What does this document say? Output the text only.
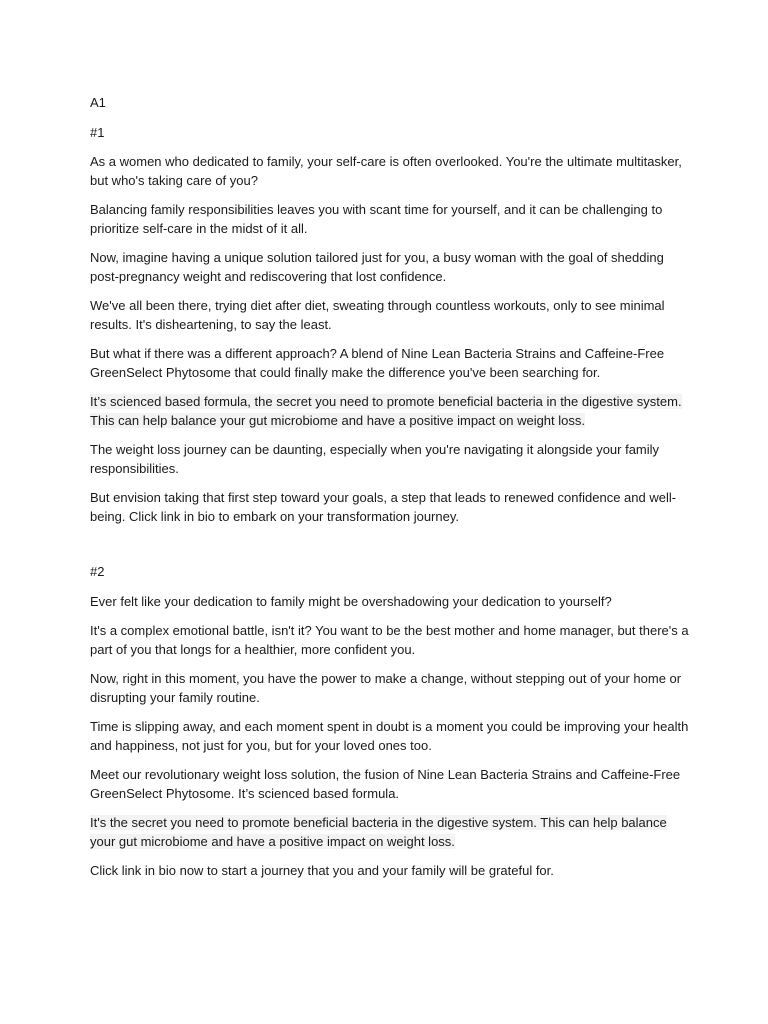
A1

#1

As a women who dedicated to family, your self-care is often overlooked. You're the ultimate multitasker, but who's taking care of you?

Balancing family responsibilities leaves you with scant time for yourself, and it can be challenging to prioritize self-care in the midst of it all.

Now, imagine having a unique solution tailored just for you, a busy woman with the goal of shedding post-pregnancy weight and rediscovering that lost confidence.

We've all been there, trying diet after diet, sweating through countless workouts, only to see minimal results. It's disheartening, to say the least.

But what if there was a different approach? A blend of Nine Lean Bacteria Strains and Caffeine-Free GreenSelect Phytosome that could finally make the difference you've been searching for.

It’s scienced based formula, the secret you need to promote beneficial bacteria in the digestive system. This can help balance your gut microbiome and have a positive impact on weight loss.

The weight loss journey can be daunting, especially when you're navigating it alongside your family responsibilities.

But envision taking that first step toward your goals, a step that leads to renewed confidence and well-being. Click link in bio to embark on your transformation journey.

#2

Ever felt like your dedication to family might be overshadowing your dedication to yourself?

It's a complex emotional battle, isn't it? You want to be the best mother and home manager, but there's a part of you that longs for a healthier, more confident you.

Now, right in this moment, you have the power to make a change, without stepping out of your home or disrupting your family routine.

Time is slipping away, and each moment spent in doubt is a moment you could be improving your health and happiness, not just for you, but for your loved ones too.

Meet our revolutionary weight loss solution, the fusion of Nine Lean Bacteria Strains and Caffeine-Free GreenSelect Phytosome. It’s scienced based formula.

It's the secret you need to promote beneficial bacteria in the digestive system. This can help balance your gut microbiome and have a positive impact on weight loss.

Click link in bio now to start a journey that you and your family will be grateful for.
